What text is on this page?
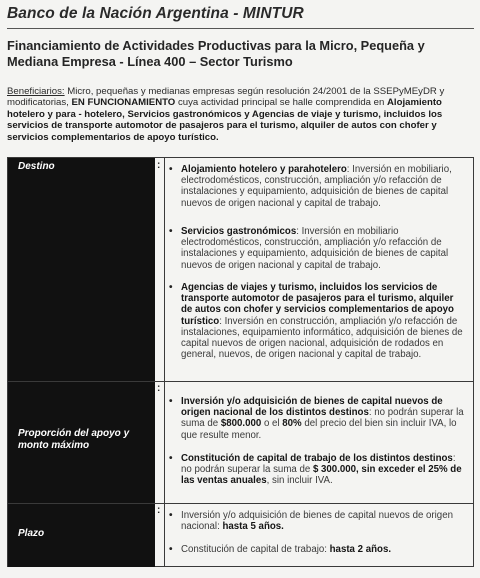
Banco de la Nación Argentina - MINTUR
Financiamiento de Actividades Productivas para la Micro, Pequeña y Mediana Empresa - Línea 400 – Sector Turismo
Beneficiarios: Micro, pequeñas y medianas empresas según resolución 24/2001 de la SSEPyMEyDR y modificatorias, EN FUNCIONAMIENTO cuya actividad principal se halle comprendida en Alojamiento hotelero y para - hotelero, Servicios gastronómicos y Agencias de viaje y turismo, incluidos los servicios de transporte automotor de pasajeros para el turismo, alquiler de autos con chofer y servicios complementarios de apoyo turístico.
Destino
Proporción del apoyo y monto máximo
Plazo
:
:
:
• Alojamiento hotelero y parahotelero: Inversión en mobiliario, electrodomésticos, construcción, ampliación y/o refacción de instalaciones y equipamiento, adquisición de bienes de capital nuevos de origen nacional y capital de trabajo.
• Servicios gastronómicos: Inversión en mobiliario electrodomésticos, construcción, ampliación y/o refacción de instalaciones y equipamiento, adquisición de bienes de capital nuevos de origen nacional y capital de trabajo.
• Agencias de viajes y turismo, incluidos los servicios de transporte automotor de pasajeros para el turismo, alquiler de autos con chofer y servicios complementarios de apoyo turístico: Inversión en construcción, ampliación y/o refacción de instalaciones, equipamiento informático, adquisición de bienes de capital nuevos de origen nacional, adquisición de rodados en general, nuevos, de origen nacional y capital de trabajo.
• Inversión y/o adquisición de bienes de capital nuevos de origen nacional de los distintos destinos: no podrán superar la suma de $800.000 o el 80% del precio del bien sin incluir IVA, lo que resulte menor.
• Constitución de capital de trabajo de los distintos destinos: no podrán superar la suma de $ 300.000, sin exceder el 25% de las ventas anuales, sin incluir IVA.
• Inversión y/o adquisición de bienes de capital nuevos de origen nacional: hasta 5 años.
• Constitución de capital de trabajo: hasta 2 años.
